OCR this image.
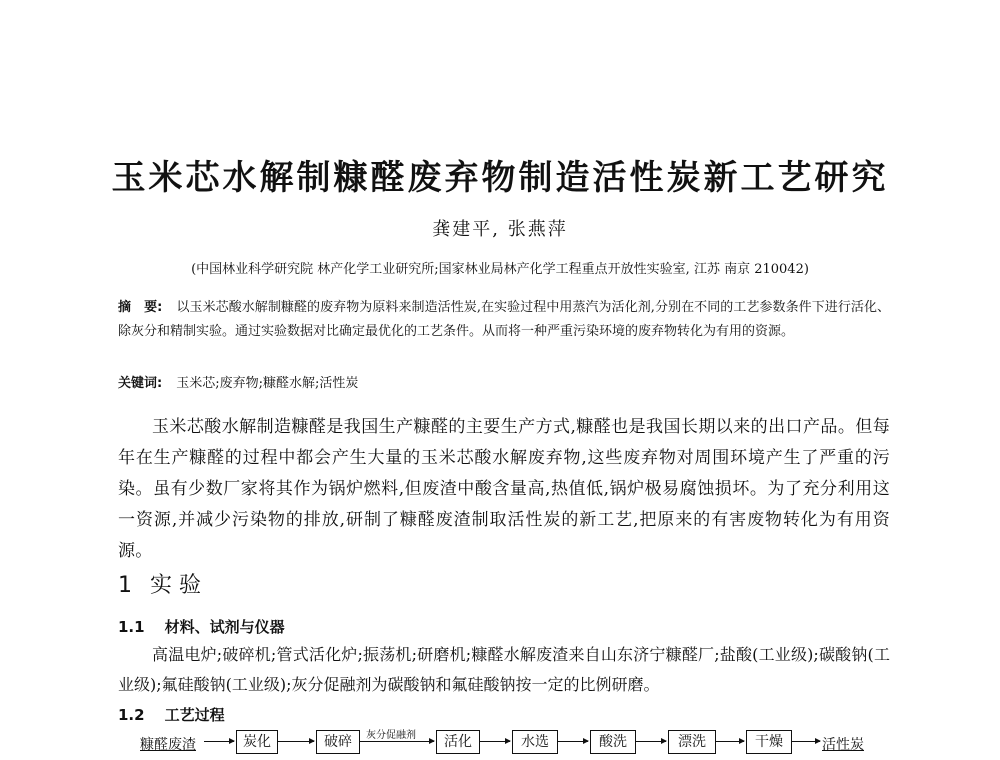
玉米芯水解制糠醛废弃物制造活性炭新工艺研究
龚建平, 张燕萍
(中国林业科学研究院 林产化学工业研究所;国家林业局林产化学工程重点开放性实验室, 江苏 南京 210042)
摘　要: 以玉米芯酸水解制糠醛的废弃物为原料来制造活性炭,在实验过程中用蒸汽为活化剂,分别在不同的工艺参数条件下进行活化、除灰分和精制实验。通过实验数据对比确定最优化的工艺条件。从而将一种严重污染环境的废弃物转化为有用的资源。
关键词: 玉米芯;废弃物;糠醛水解;活性炭
玉米芯酸水解制造糠醛是我国生产糠醛的主要生产方式,糠醛也是我国长期以来的出口产品。但每年在生产糠醛的过程中都会产生大量的玉米芯酸水解废弃物,这些废弃物对周围环境产生了严重的污染。虽有少数厂家将其作为锅炉燃料,但废渣中酸含量高,热值低,锅炉极易腐蚀损坏。为了充分利用这一资源,并减少污染物的排放,研制了糠醛废渣制取活性炭的新工艺,把原来的有害废物转化为有用资源。
1 实 验
1.1 材料、试剂与仪器
高温电炉;破碎机;管式活化炉;振荡机;研磨机;糠醛水解废渣来自山东济宁糠醛厂;盐酸(工业级);碳酸钠(工业级);氟硅酸钠(工业级);灰分促融剂为碳酸钠和氟硅酸钠按一定的比例研磨。
1.2 工艺过程
糠醛废渣	炭化	破碎	灰分促融剂	活化	水选	酸洗	漂洗	干燥	活性炭
